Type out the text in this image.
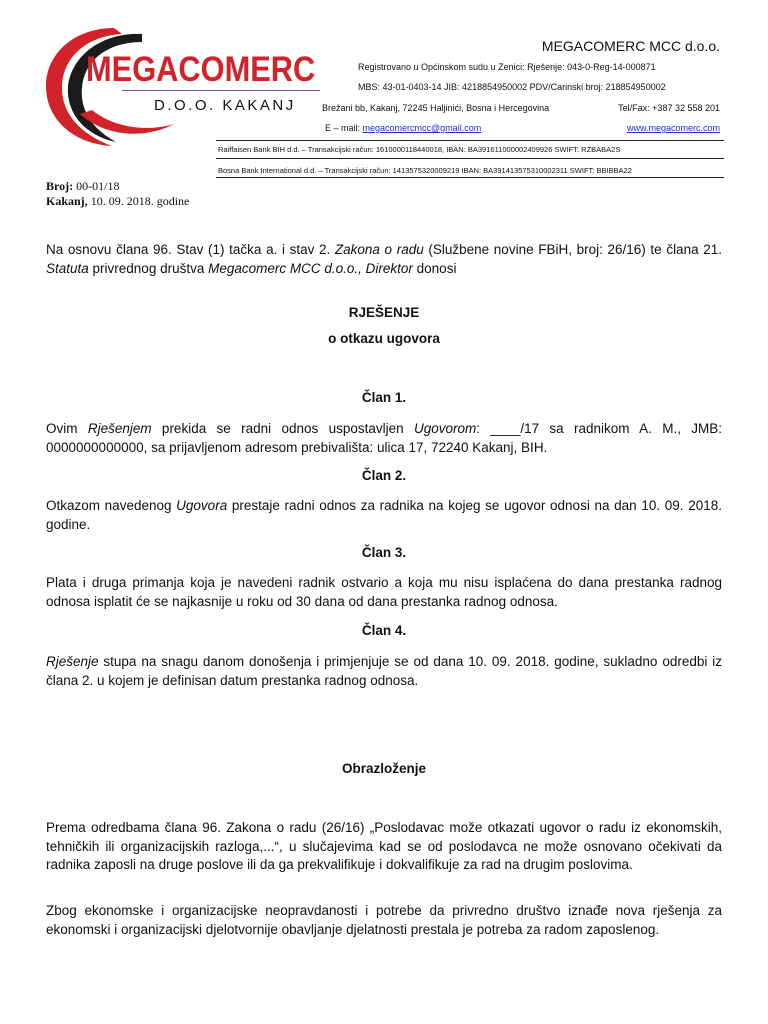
MEGACOMERC
D.O.O. KAKANJ
MEGACOMERC MCC d.o.o.
Registrovano u Općinskom sudu u Zenici: Rješenje: 043-0-Reg-14-000871
MBS: 43-01-0403-14 JIB: 4218854950002 PDV/Carinski broj: 218854950002
Brežani bb, Kakanj, 72245 Haljinići, Bosna i Hercegovina	Tel/Fax: +387 32 558 201
E – mail: megacomercmcc@gmail.com	www.megacomerc.com
Raiffaisen Bank BIH d.d. – Transakcijski račun: 1610000118440018, IBAN: BA391611000002409926 SWIFT: RZBABA2S
Bosna Bank International d.d. – Transakcijski račun: 1413575320009219 IBAN: BA391413575310002311 SWIFT: BBIBBA22
Broj: 00-01/18
Kakanj, 10. 09. 2018. godine
Na osnovu člana 96. Stav (1) tačka a. i stav 2. Zakona o radu (Službene novine FBiH, broj: 26/16) te člana 21. Statuta privrednog društva Megacomerc MCC d.o.o., Direktor donosi
RJEŠENJE
o otkazu ugovora
Član 1.
Ovim Rješenjem prekida se radni odnos uspostavljen Ugovorom: ____/17 sa radnikom A. M., JMB: 0000000000000, sa prijavljenom adresom prebivališta: ulica 17, 72240 Kakanj, BIH.
Član 2.
Otkazom navedenog Ugovora prestaje radni odnos za radnika na kojeg se ugovor odnosi na dan 10. 09. 2018. godine.
Član 3.
Plata i druga primanja koja je navedeni radnik ostvario a koja mu nisu isplaćena do dana prestanka radnog odnosa isplatit će se najkasnije u roku od 30 dana od dana prestanka radnog odnosa.
Član 4.
Rješenje stupa na snagu danom donošenja i primjenjuje se od dana 10. 09. 2018. godine, sukladno odredbi iz člana 2. u kojem je definisan datum prestanka radnog odnosa.
Obrazloženje
Prema odredbama člana 96. Zakona o radu (26/16) „Poslodavac može otkazati ugovor o radu iz ekonomskih, tehničkih ili organizacijskih razloga,...“, u slučajevima kad se od poslodavca ne može osnovano očekivati da radnika zaposli na druge poslove ili da ga prekvalifikuje i dokvalifikuje za rad na drugim poslovima.
Zbog ekonomske i organizacijske neopravdanosti i potrebe da privredno društvo iznađe nova rješenja za ekonomski i organizacijski djelotvornije obavljanje djelatnosti prestala je potreba za radom zaposlenog.
